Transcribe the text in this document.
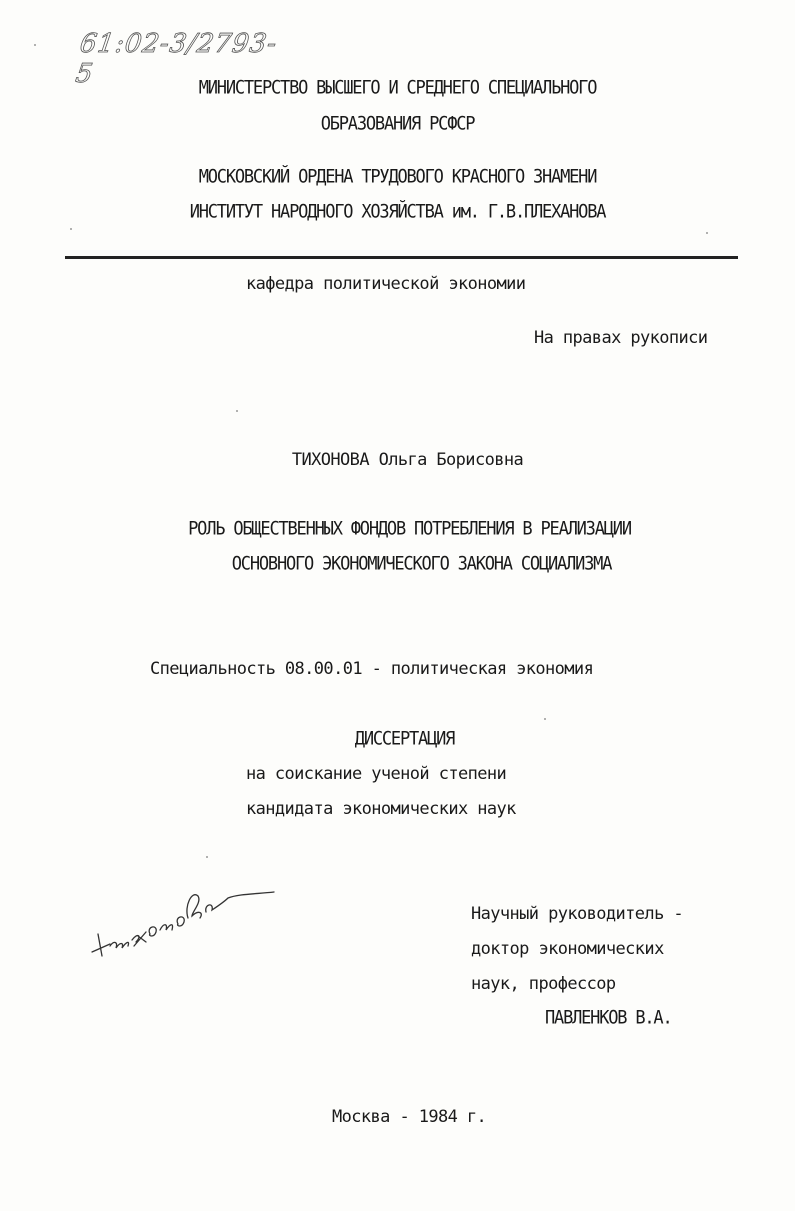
61:02-3/2793-5	МИНИСТЕРСТВО ВЫСШЕГО И СРЕДНЕГО СПЕЦИАЛЬНОГО
ОБРАЗОВАНИЯ РСФСР
МОСКОВСКИЙ ОРДЕНА ТРУДОВОГО КРАСНОГО ЗНАМЕНИ
ИНСТИТУТ НАРОДНОГО ХОЗЯЙСТВА им. Г.В.ПЛЕХАНОВА
кафедра политической экономии
На правах рукописи
ТИХОНОВА Ольга Борисовна
РОЛЬ ОБЩЕСТВЕННЫХ ФОНДОВ ПОТРЕБЛЕНИЯ В РЕАЛИЗАЦИИ
ОСНОВНОГО ЭКОНОМИЧЕСКОГО ЗАКОНА СОЦИАЛИЗМА
Специальность 08.00.01 - политическая экономия
ДИССЕРТАЦИЯ
на соискание ученой степени
кандидата экономических наук
Научный руководитель -
доктор экономических
наук, профессор
ПАВЛЕНКОВ В.А.
Москва - 1984 г.
